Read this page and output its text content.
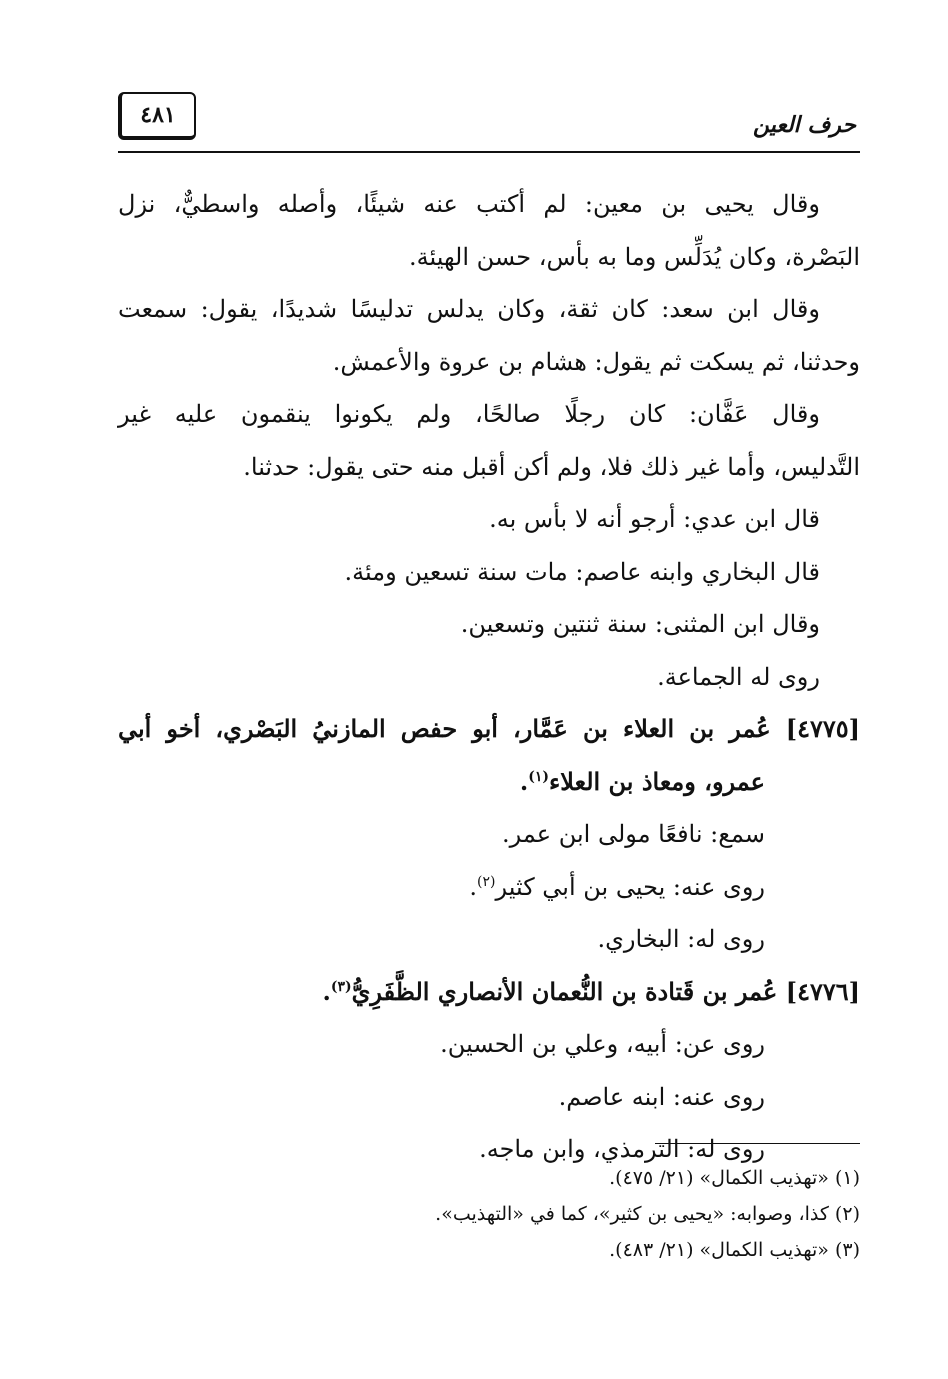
٤٨١	حرف العين
وقال يحيى بن معين: لم أكتب عنه شيئًا، وأصله واسطيٌّ، نزل
البَصْرة، وكان يُدَلِّس وما به بأس، حسن الهيئة.
وقال ابن سعد: كان ثقة، وكان يدلس تدليسًا شديدًا، يقول: سمعت
وحدثنا، ثم يسكت ثم يقول: هشام بن عروة والأعمش.
وقال عَفَّان: كان رجلًا صالحًا، ولم يكونوا ينقمون عليه غير
التَّدليس، وأما غير ذلك فلا، ولم أكن أقبل منه حتى يقول: حدثنا.
قال ابن عدي: أرجو أنه لا بأس به.
قال البخاري وابنه عاصم: مات سنة تسعين ومئة.
وقال ابن المثنى: سنة ثنتين وتسعين.
روى له الجماعة.
[٤٧٧٥] عُمر بن العلاء بن عَمَّار، أبو حفص المازنيُ البَصْري، أخو أبي
عمرو، ومعاذ بن العلاء$^{(١)}$.
سمع: نافعًا مولى ابن عمر.
روى عنه: يحيى بن أبي كثير$^{(٢)}$.
روى له: البخاري.
[٤٧٧٦] عُمر بن قَتادة بن النُّعمان الأنصاري الظَّفَرِيُّ$^{(٣)}$.
روى عن: أبيه، وعلي بن الحسين.
روى عنه: ابنه عاصم.
روى له: الترمذي، وابن ماجه.
(١) «تهذيب الكمال» (٢١/ ٤٧٥).
(٢) كذا، وصوابه: «يحيى بن كثير»، كما في «التهذيب».
(٣) «تهذيب الكمال» (٢١/ ٤٨٣).
